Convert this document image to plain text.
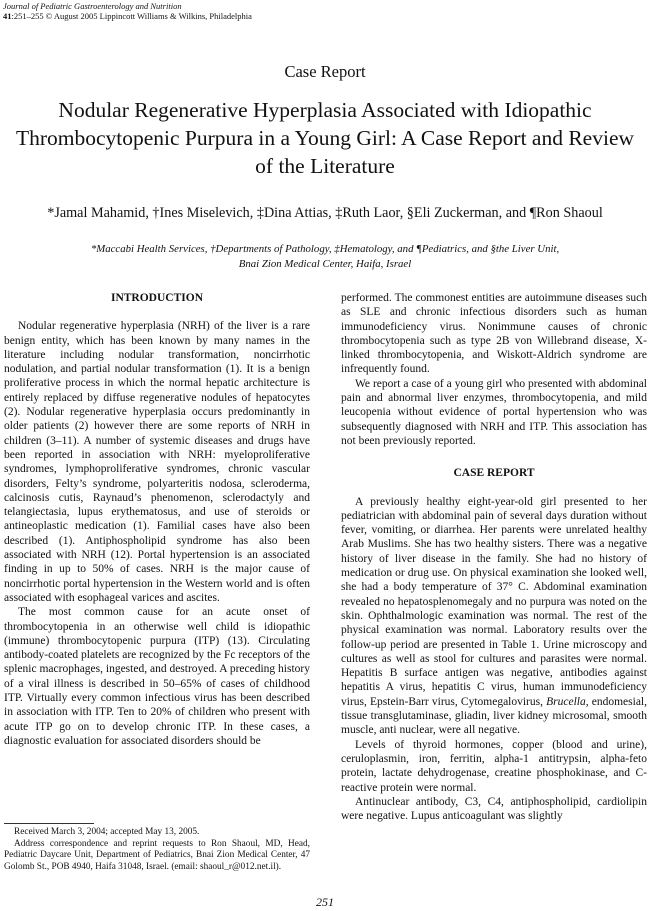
Journal of Pediatric Gastroenterology and Nutrition
41:251–255 © August 2005 Lippincott Williams & Wilkins, Philadelphia
Case Report
Nodular Regenerative Hyperplasia Associated with Idiopathic Thrombocytopenic Purpura in a Young Girl: A Case Report and Review of the Literature
*Jamal Mahamid, †Ines Miselevich, ‡Dina Attias, ‡Ruth Laor, §Eli Zuckerman, and ¶Ron Shaoul
*Maccabi Health Services, †Departments of Pathology, ‡Hematology, and ¶Pediatrics, and §the Liver Unit,
Bnai Zion Medical Center, Haifa, Israel
INTRODUCTION

Nodular regenerative hyperplasia (NRH) of the liver is a rare benign entity, which has been known by many names in the literature including nodular transformation, noncirrhotic nodulation, and partial nodular transformation (1). It is a benign proliferative process in which the normal hepatic architecture is entirely replaced by diffuse regenerative nodules of hepatocytes (2). Nodular regenerative hyperplasia occurs predominantly in older patients (2) however there are some reports of NRH in children (3–11). A number of systemic diseases and drugs have been reported in association with NRH: myeloproliferative syndromes, lymphoproliferative syndromes, chronic vascular disorders, Felty’s syndrome, polyarteritis nodosa, scleroderma, calcinosis cutis, Raynaud’s phenomenon, sclerodactyly and telangiectasia, lupus erythematosus, and use of steroids or antineoplastic medication (1). Familial cases have also been described (1). Antiphospholipid syndrome has also been associated with NRH (12). Portal hypertension is an associated finding in up to 50% of cases. NRH is the major cause of noncirrhotic portal hypertension in the Western world and is often associated with esophageal varices and ascites.

The most common cause for an acute onset of thrombocytopenia in an otherwise well child is idiopathic (immune) thrombocytopenic purpura (ITP) (13). Circulating antibody-coated platelets are recognized by the Fc receptors of the splenic macrophages, ingested, and destroyed. A preceding history of a viral illness is described in 50–65% of cases of childhood ITP. Virtually every common infectious virus has been described in association with ITP. Ten to 20% of children who present with acute ITP go on to develop chronic ITP. In these cases, a diagnostic evaluation for associated disorders should be

performed. The commonest entities are autoimmune diseases such as SLE and chronic infectious disorders such as human immunodeficiency virus. Nonimmune causes of chronic thrombocytopenia such as type 2B von Willebrand disease, X-linked thrombocytopenia, and Wiskott-Aldrich syndrome are infrequently found.

We report a case of a young girl who presented with abdominal pain and abnormal liver enzymes, thrombocytopenia, and mild leucopenia without evidence of portal hypertension who was subsequently diagnosed with NRH and ITP. This association has not been previously reported.

CASE REPORT

A previously healthy eight-year-old girl presented to her pediatrician with abdominal pain of several days duration without fever, vomiting, or diarrhea. Her parents were unrelated healthy Arab Muslims. She has two healthy sisters. There was a negative history of liver disease in the family. She had no history of medication or drug use. On physical examination she looked well, she had a body temperature of 37° C. Abdominal examination revealed no hepatosplenomegaly and no purpura was noted on the skin. Ophthalmologic examination was normal. The rest of the physical examination was normal. Laboratory results over the follow-up period are presented in Table 1. Urine microscopy and cultures as well as stool for cultures and parasites were normal. Hepatitis B surface antigen was negative, antibodies against hepatitis A virus, hepatitis C virus, human immunodeficiency virus, Epstein-Barr virus, Cytomegalovirus, Brucella, endomesial, tissue transglutaminase, gliadin, liver kidney microsomal, smooth muscle, anti nuclear, were all negative.

Levels of thyroid hormones, copper (blood and urine), ceruloplasmin, iron, ferritin, alpha-1 antitrypsin, alpha-feto protein, lactate dehydrogenase, creatine phosphokinase, and C-reactive protein were normal.

Antinuclear antibody, C3, C4, antiphospholipid, cardiolipin were negative. Lupus anticoagulant was slightly

Received March 3, 2004; accepted May 13, 2005.

Address correspondence and reprint requests to Ron Shaoul, MD, Head, Pediatric Daycare Unit, Department of Pediatrics, Bnai Zion Medical Center, 47 Golomb St., POB 4940, Haifa 31048, Israel. (email: shaoul_r@012.net.il).

251
